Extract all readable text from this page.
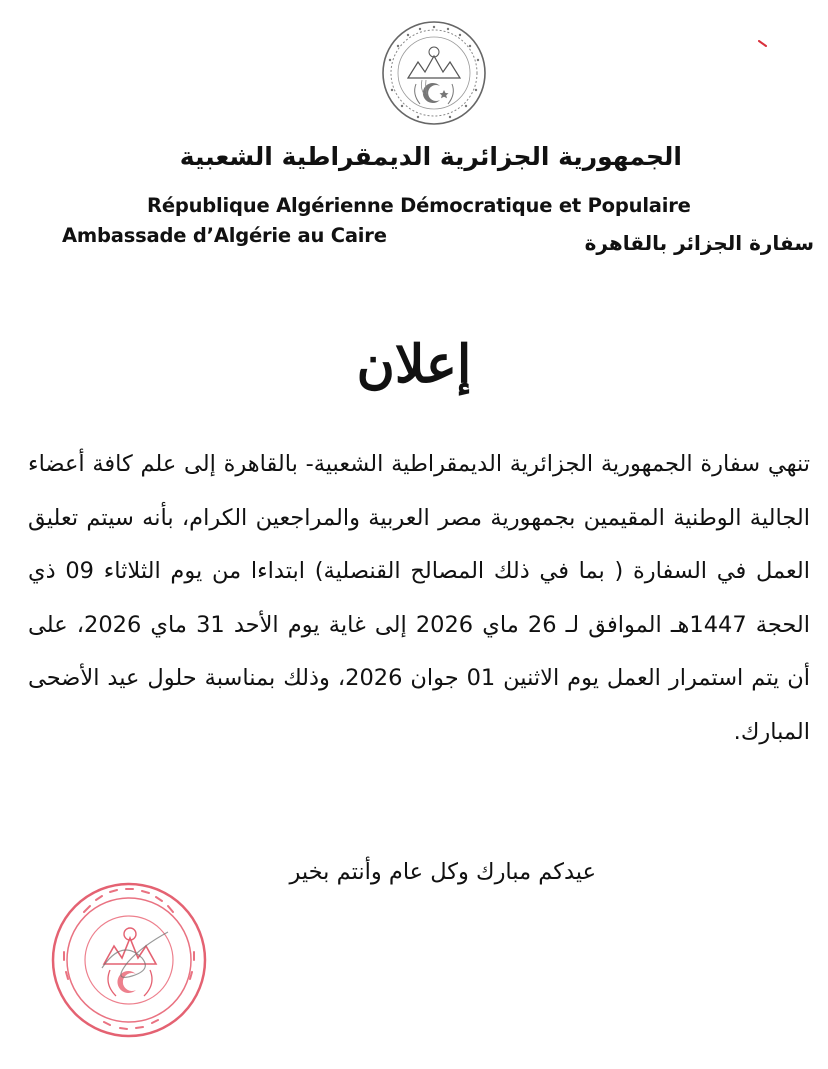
الجمهورية الجزائرية الديمقراطية الشعبية
République Algérienne Démocratique et Populaire
Ambassade d’Algérie au Caire	سفارة الجزائر بالقاهرة
إعلان
تنهي سفارة الجمهورية الجزائرية الديمقراطية الشعبية- بالقاهرة إلى علم كافة أعضاء الجالية الوطنية المقيمين بجمهورية مصر العربية والمراجعين الكرام، بأنه سيتم تعليق العمل في السفارة ( بما في ذلك المصالح القنصلية) ابتداءا من يوم الثلاثاء 09 ذي الحجة 1447هـ الموافق لـ 26 ماي 2026 إلى غاية يوم الأحد 31 ماي 2026، على أن يتم استمرار العمل يوم الاثنين 01 جوان 2026، وذلك بمناسبة حلول عيد الأضحى المبارك.
عيدكم مبارك وكل عام وأنتم بخير
